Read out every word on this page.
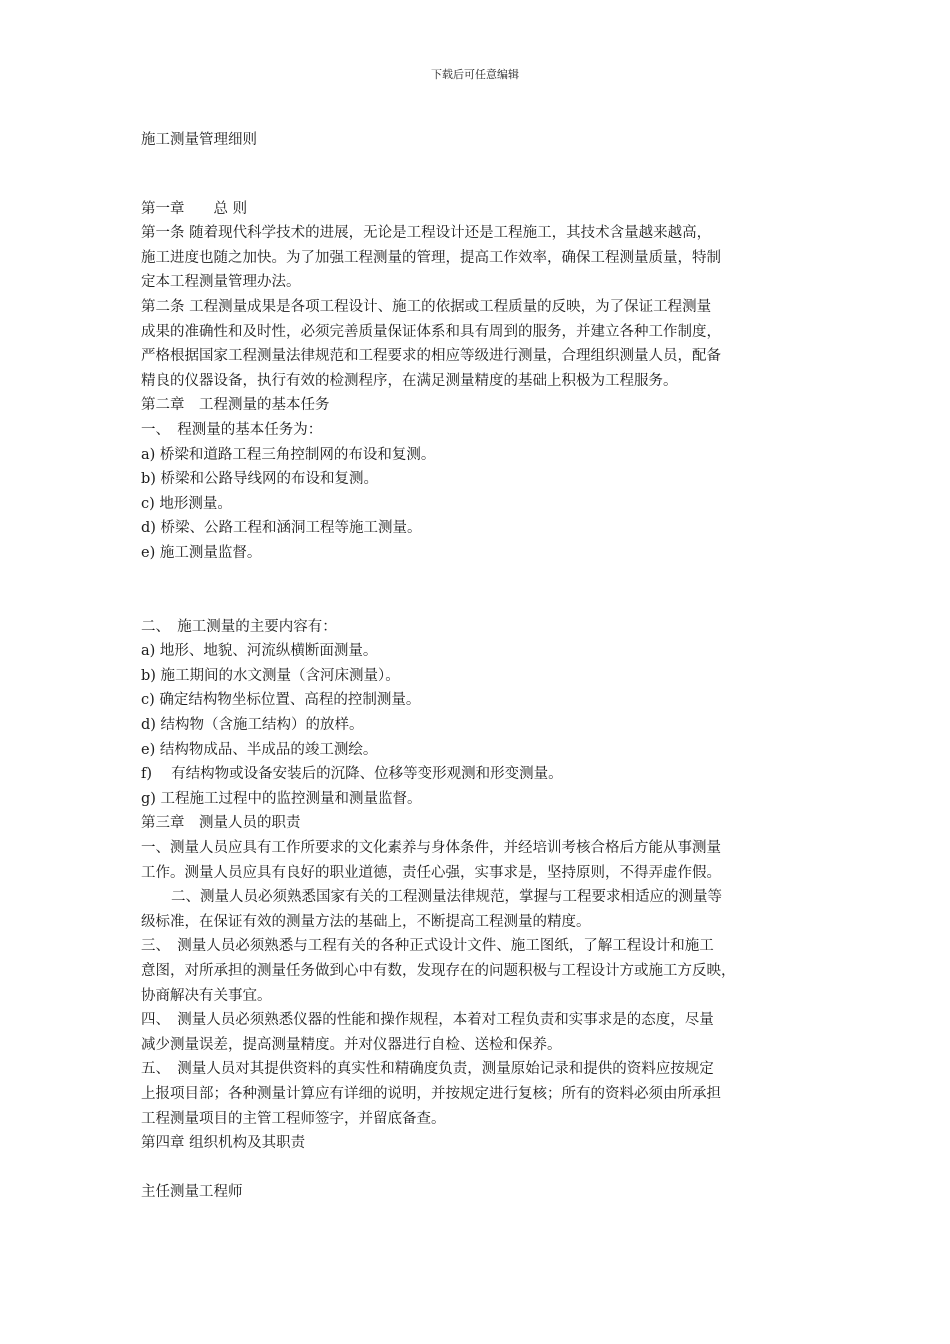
下载后可任意编辑
施工测量管理细则
第一章　　总 则
第一条 随着现代科学技术的进展，无论是工程设计还是工程施工，其技术含量越来越高，
施工进度也随之加快。为了加强工程测量的管理，提高工作效率，确保工程测量质量，特制
定本工程测量管理办法。
第二条 工程测量成果是各项工程设计、施工的依据或工程质量的反映，为了保证工程测量
成果的准确性和及时性，必须完善质量保证体系和具有周到的服务，并建立各种工作制度，
严格根据国家工程测量法律规范和工程要求的相应等级进行测量，合理组织测量人员，配备
精良的仪器设备，执行有效的检测程序，在满足测量精度的基础上积极为工程服务。
第二章　工程测量的基本任务
一、　程测量的基本任务为：
a) 桥梁和道路工程三角控制网的布设和复测。
b) 桥梁和公路导线网的布设和复测。
c) 地形测量。
d) 桥梁、公路工程和涵洞工程等施工测量。
e) 施工测量监督。
二、　施工测量的主要内容有：
a) 地形、地貌、河流纵横断面测量。
b) 施工期间的水文测量（含河床测量）。
c) 确定结构物坐标位置、高程的控制测量。
d) 结构物（含施工结构）的放样。
e) 结构物成品、半成品的竣工测绘。
f)　 有结构物或设备安装后的沉降、位移等变形观测和形变测量。
g) 工程施工过程中的监控测量和测量监督。
第三章　测量人员的职责
一、测量人员应具有工作所要求的文化素养与身体条件，并经培训考核合格后方能从事测量
工作。测量人员应具有良好的职业道德，责任心强，实事求是，坚持原则，不得弄虚作假。
二、测量人员必须熟悉国家有关的工程测量法律规范，掌握与工程要求相适应的测量等
级标准，在保证有效的测量方法的基础上，不断提高工程测量的精度。
三、　测量人员必须熟悉与工程有关的各种正式设计文件、施工图纸，了解工程设计和施工
意图，对所承担的测量任务做到心中有数，发现存在的问题积极与工程设计方或施工方反映，
协商解决有关事宜。
四、　测量人员必须熟悉仪器的性能和操作规程，本着对工程负责和实事求是的态度，尽量
减少测量误差，提高测量精度。并对仪器进行自检、送检和保养。
五、　测量人员对其提供资料的真实性和精确度负责，测量原始记录和提供的资料应按规定
上报项目部；各种测量计算应有详细的说明，并按规定进行复核；所有的资料必须由所承担
工程测量项目的主管工程师签字，并留底备查。
第四章 组织机构及其职责
主任测量工程师
